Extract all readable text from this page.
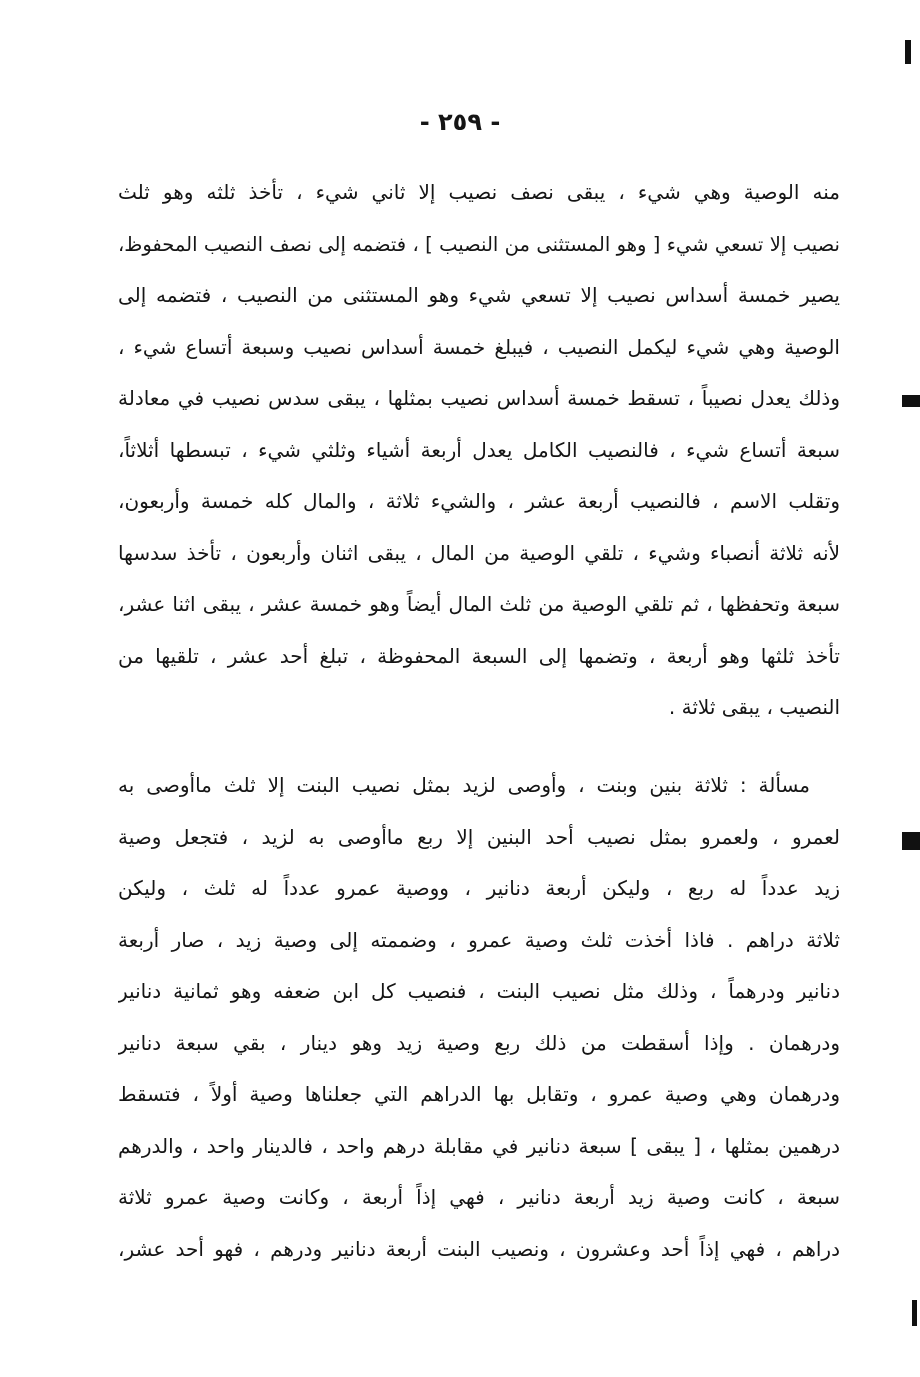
- ٢٥٩ -
منه الوصية وهي شيء ، يبقى نصف نصيب إلا ثاني شيء ، تأخذ ثلثه وهو ثلث
نصيب إلا تسعي شيء [ وهو المستثنى من النصيب ] ، فتضمه إلى نصف النصيب المحفوظ،
يصير خمسة أسداس نصيب إلا تسعي شيء وهو المستثنى من النصيب ، فتضمه إلى
الوصية وهي شيء ليكمل النصيب ، فيبلغ خمسة أسداس نصيب وسبعة أتساع شيء ،
وذلك يعدل نصيباً ، تسقط خمسة أسداس نصيب بمثلها ، يبقى سدس نصيب في معادلة
سبعة أتساع شيء ، فالنصيب الكامل يعدل أربعة أشياء وثلثي شيء ، تبسطها أثلاثاً،
وتقلب الاسم ، فالنصيب أربعة عشر ، والشيء ثلاثة ، والمال كله خمسة وأربعون،
لأنه ثلاثة أنصباء وشيء ، تلقي الوصية من المال ، يبقى اثنان وأربعون ، تأخذ سدسها
سبعة وتحفظها ، ثم تلقي الوصية من ثلث المال أيضاً وهو خمسة عشر ، يبقى اثنا عشر،
تأخذ ثلثها وهو أربعة ، وتضمها إلى السبعة المحفوظة ، تبلغ أحد عشر ، تلقيها من
النصيب ، يبقى ثلاثة .
مسألة : ثلاثة بنين وبنت ، وأوصى لزيد بمثل نصيب البنت إلا ثلث ماأوصى به
لعمرو ، ولعمرو بمثل نصيب أحد البنين إلا ربع ماأوصى به لزيد ، فتجعل وصية
زيد عدداً له ربع ، وليكن أربعة دنانير ، ووصية عمرو عدداً له ثلث ، وليكن
ثلاثة دراهم . فاذا أخذت ثلث وصية عمرو ، وضممته إلى وصية زيد ، صار أربعة
دنانير ودرهماً ، وذلك مثل نصيب البنت ، فنصيب كل ابن ضعفه وهو ثمانية دنانير
ودرهمان . وإذا أسقطت من ذلك ربع وصية زيد وهو دينار ، بقي سبعة دنانير
ودرهمان وهي وصية عمرو ، وتقابل بها الدراهم التي جعلناها وصية أولاً ، فتسقط
درهمين بمثلها ، [ يبقى ] سبعة دنانير في مقابلة درهم واحد ، فالدينار واحد ، والدرهم
سبعة ، كانت وصية زيد أربعة دنانير ، فهي إذاً أربعة ، وكانت وصية عمرو ثلاثة
دراهم ، فهي إذاً أحد وعشرون ، ونصيب البنت أربعة دنانير ودرهم ، فهو أحد عشر،
